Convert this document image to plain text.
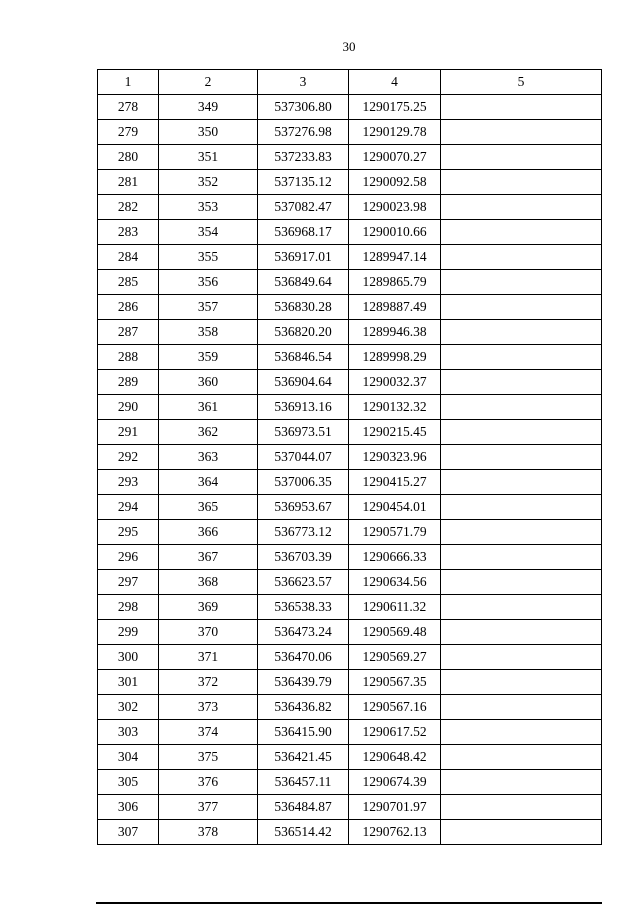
30
1	2	3	4	5
278	349	537306.80	1290175.25	
279	350	537276.98	1290129.78	
280	351	537233.83	1290070.27	
281	352	537135.12	1290092.58	
282	353	537082.47	1290023.98	
283	354	536968.17	1290010.66	
284	355	536917.01	1289947.14	
285	356	536849.64	1289865.79	
286	357	536830.28	1289887.49	
287	358	536820.20	1289946.38	
288	359	536846.54	1289998.29	
289	360	536904.64	1290032.37	
290	361	536913.16	1290132.32	
291	362	536973.51	1290215.45	
292	363	537044.07	1290323.96	
293	364	537006.35	1290415.27	
294	365	536953.67	1290454.01	
295	366	536773.12	1290571.79	
296	367	536703.39	1290666.33	
297	368	536623.57	1290634.56	
298	369	536538.33	1290611.32	
299	370	536473.24	1290569.48	
300	371	536470.06	1290569.27	
301	372	536439.79	1290567.35	
302	373	536436.82	1290567.16	
303	374	536415.90	1290617.52	
304	375	536421.45	1290648.42	
305	376	536457.11	1290674.39	
306	377	536484.87	1290701.97	
307	378	536514.42	1290762.13	
